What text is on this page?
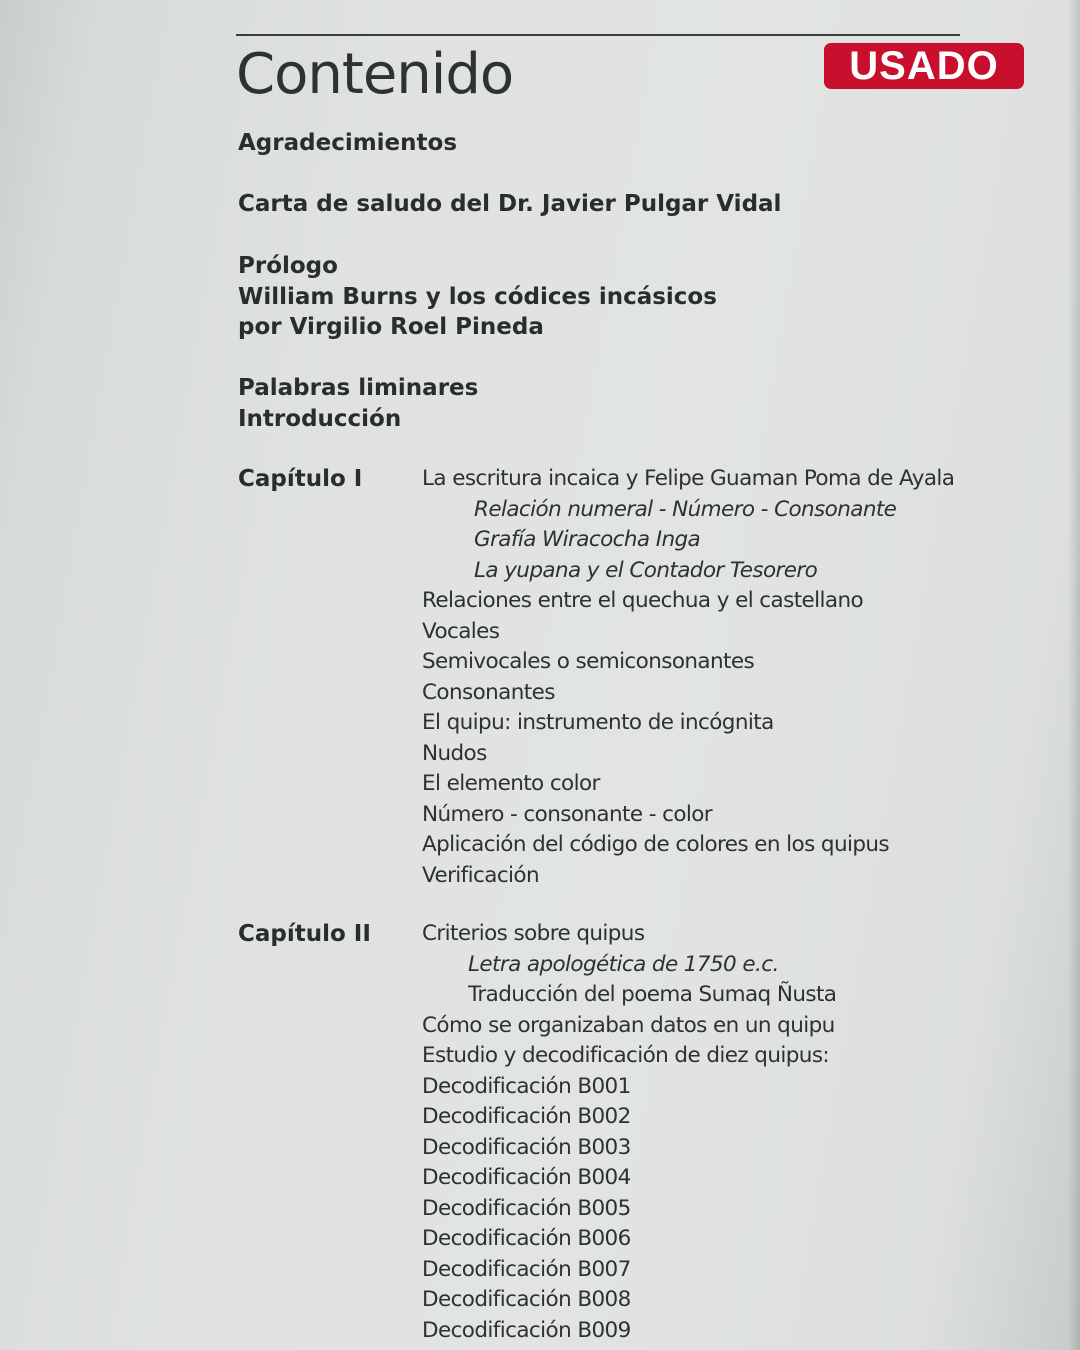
Contenido	USADO
Agradecimientos
Carta de saludo del Dr. Javier Pulgar Vidal
Prólogo
William Burns y los códices incásicos
por Virgilio Roel Pineda
Palabras liminares
Introducción
Capítulo I	La escritura incaica y Felipe Guaman Poma de Ayala
Relación numeral - Número - Consonante
Grafía Wiracocha Inga
La yupana y el Contador Tesorero
Relaciones entre el quechua y el castellano
Vocales
Semivocales o semiconsonantes
Consonantes
El quipu: instrumento de incógnita
Nudos
El elemento color
Número - consonante - color
Aplicación del código de colores en los quipus
Verificación
Capítulo II Criterios sobre quipus
Letra apologética de 1750 e.c.
Traducción del poema Sumaq Ñusta
Cómo se organizaban datos en un quipu
Estudio y decodificación de diez quipus:
Decodificación B001
Decodificación B002
Decodificación B003
Decodificación B004
Decodificación B005
Decodificación B006
Decodificación B007
Decodificación B008
Decodificación B009
